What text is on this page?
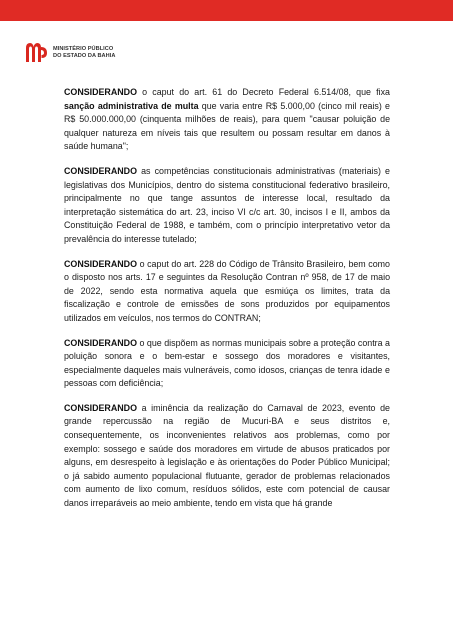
MINISTÉRIO PÚBLICO
DO ESTADO DA BAHIA

CONSIDERANDO o caput do art. 61 do Decreto Federal 6.514/08, que fixa sanção administrativa de multa que varia entre R$ 5.000,00 (cinco mil reais) e R$ 50.000.000,00 (cinquenta milhões de reais), para quem "causar poluição de qualquer natureza em níveis tais que resultem ou possam resultar em danos à saúde humana";

CONSIDERANDO as competências constitucionais administrativas (materiais) e legislativas dos Municípios, dentro do sistema constitucional federativo brasileiro, principalmente no que tange assuntos de interesse local, resultado da interpretação sistemática do art. 23, inciso VI c/c art. 30, incisos I e II, ambos da Constituição Federal de 1988, e também, com o princípio interpretativo vetor da prevalência do interesse tutelado;

CONSIDERANDO o caput do art. 228 do Código de Trânsito Brasileiro, bem como o disposto nos arts. 17 e seguintes da Resolução Contran nº 958, de 17 de maio de 2022, sendo esta normativa aquela que esmiúça os limites, trata da fiscalização e controle de emissões de sons produzidos por equipamentos utilizados em veículos, nos termos do CONTRAN;

CONSIDERANDO o que dispõem as normas municipais sobre a proteção contra a poluição sonora e o bem-estar e sossego dos moradores e visitantes, especialmente daqueles mais vulneráveis, como idosos, crianças de tenra idade e pessoas com deficiência;

CONSIDERANDO a iminência da realização do Carnaval de 2023, evento de grande repercussão na região de Mucuri-BA e seus distritos e, consequentemente, os inconvenientes relativos aos problemas, como por exemplo: sossego e saúde dos moradores em virtude de abusos praticados por alguns, em desrespeito à legislação e às orientações do Poder Público Municipal; o já sabido aumento populacional flutuante, gerador de problemas relacionados com aumento de lixo comum, resíduos sólidos, este com potencial de causar danos irreparáveis ao meio ambiente, tendo em vista que há grande
